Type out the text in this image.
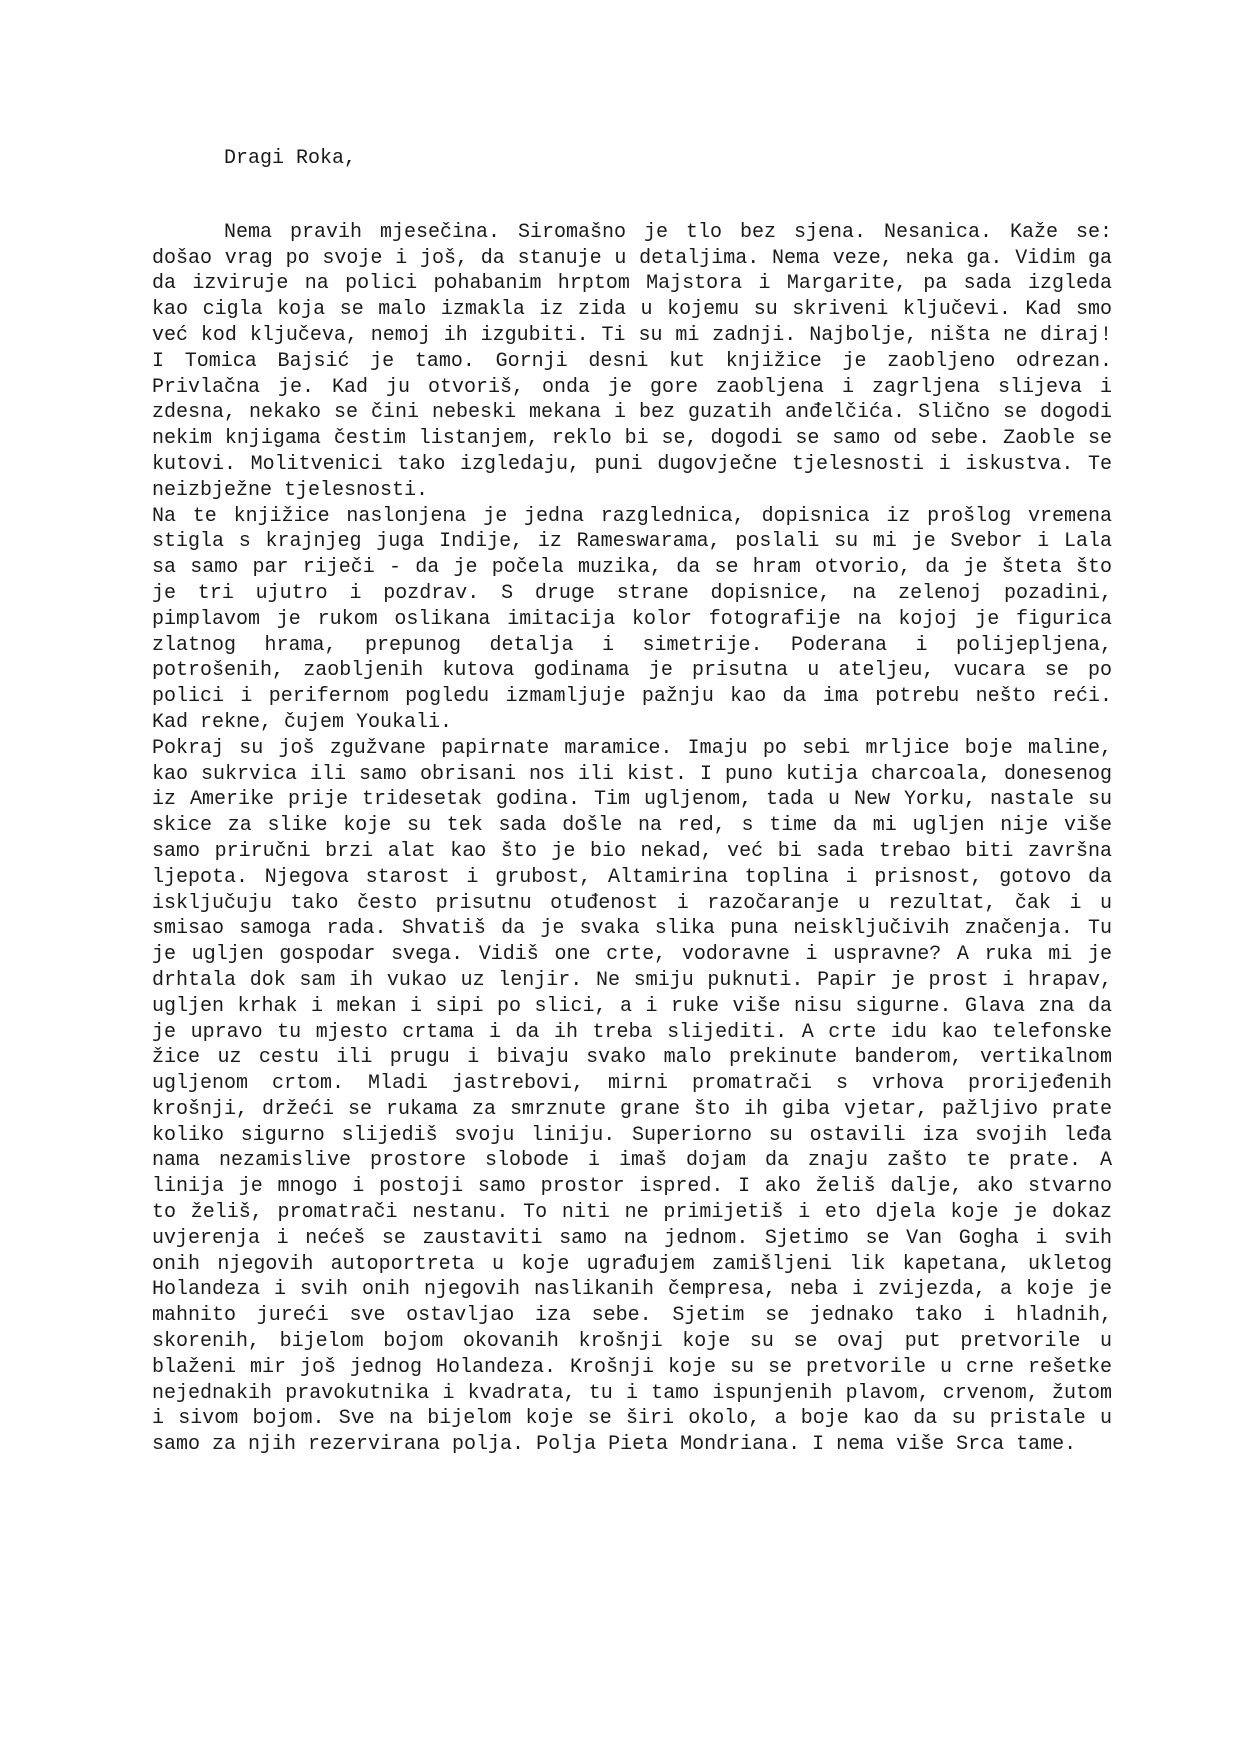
Dragi Roka,

Nema pravih mjesečina. Siromašno je tlo bez sjena. Nesanica. Kaže se: došao vrag po svoje i još, da stanuje u detaljima. Nema veze, neka ga. Vidim ga da izviruje na polici pohabanim hrptom Majstora i Margarite, pa sada izgleda kao cigla koja se malo izmakla iz zida u kojemu su skriveni ključevi. Kad smo već kod ključeva, nemoj ih izgubiti. Ti su mi zadnji. Najbolje, ništa ne diraj! I Tomica Bajsić je tamo. Gornji desni kut knjižice je zaobljeno odrezan. Privlačna je. Kad ju otvoriš, onda je gore zaobljena i zagrljena slijeva i zdesna, nekako se čini nebeski mekana i bez guzatih anđelčića. Slično se dogodi nekim knjigama čestim listanjem, reklo bi se, dogodi se samo od sebe. Zaoble se kutovi. Molitvenici tako izgledaju, puni dugovječne tjelesnosti i iskustva. Te neizbježne tjelesnosti.

Na te knjižice naslonjena je jedna razglednica, dopisnica iz prošlog vremena stigla s krajnjeg juga Indije, iz Rameswarama, poslali su mi je Svebor i Lala sa samo par riječi - da je počela muzika, da se hram otvorio, da je šteta što je tri ujutro i pozdrav. S druge strane dopisnice, na zelenoj pozadini, pimplavom je rukom oslikana imitacija kolor fotografije na kojoj je figurica zlatnog hrama, prepunog detalja i simetrije. Poderana i polijepljena, potrošenih, zaobljenih kutova godinama je prisutna u ateljeu, vucara se po polici i perifernom pogledu izmamljuje pažnju kao da ima potrebu nešto reći. Kad rekne, čujem Youkali.

Pokraj su još zgužvane papirnate maramice. Imaju po sebi mrljice boje maline, kao sukrvica ili samo obrisani nos ili kist. I puno kutija charcoala, donesenog iz Amerike prije tridesetak godina. Tim ugljenom, tada u New Yorku, nastale su skice za slike koje su tek sada došle na red, s time da mi ugljen nije više samo priručni brzi alat kao što je bio nekad, već bi sada trebao biti završna ljepota. Njegova starost i grubost, Altamirina toplina i prisnost, gotovo da isključuju tako često prisutnu otuđenost i razočaranje u rezultat, čak i u smisao samoga rada. Shvatiš da je svaka slika puna neisključivih značenja. Tu je ugljen gospodar svega. Vidiš one crte, vodoravne i uspravne? A ruka mi je drhtala dok sam ih vukao uz lenjir. Ne smiju puknuti. Papir je prost i hrapav, ugljen krhak i mekan i sipi po slici, a i ruke više nisu sigurne. Glava zna da je upravo tu mjesto crtama i da ih treba slijediti. A crte idu kao telefonske žice uz cestu ili prugu i bivaju svako malo prekinute banderom, vertikalnom ugljenom crtom. Mladi jastrebovi, mirni promatrači s vrhova prorijeđenih krošnji, držeći se rukama za smrznute grane što ih giba vjetar, pažljivo prate koliko sigurno slijediš svoju liniju. Superiorno su ostavili iza svojih leđa nama nezamislive prostore slobode i imaš dojam da znaju zašto te prate. A linija je mnogo i postoji samo prostor ispred. I ako želiš dalje, ako stvarno to želiš, promatrači nestanu. To niti ne primijetiš i eto djela koje je dokaz uvjerenja i nećeš se zaustaviti samo na jednom. Sjetimo se Van Gogha i svih onih njegovih autoportreta u koje ugrađujem zamišljeni lik kapetana, ukletog Holandeza i svih onih njegovih naslikanih čempresa, neba i zvijezda, a koje je mahnito jureći sve ostavljao iza sebe. Sjetim se jednako tako i hladnih, skorenih, bijelom bojom okovanih krošnji koje su se ovaj put pretvorile u blaženi mir još jednog Holandeza. Krošnji koje su se pretvorile u crne rešetke nejednakih pravokutnika i kvadrata, tu i tamo ispunjenih plavom, crvenom, žutom i sivom bojom. Sve na bijelom koje se širi okolo, a boje kao da su pristale u samo za njih rezervirana polja. Polja Pieta Mondriana. I nema više Srca tame.
